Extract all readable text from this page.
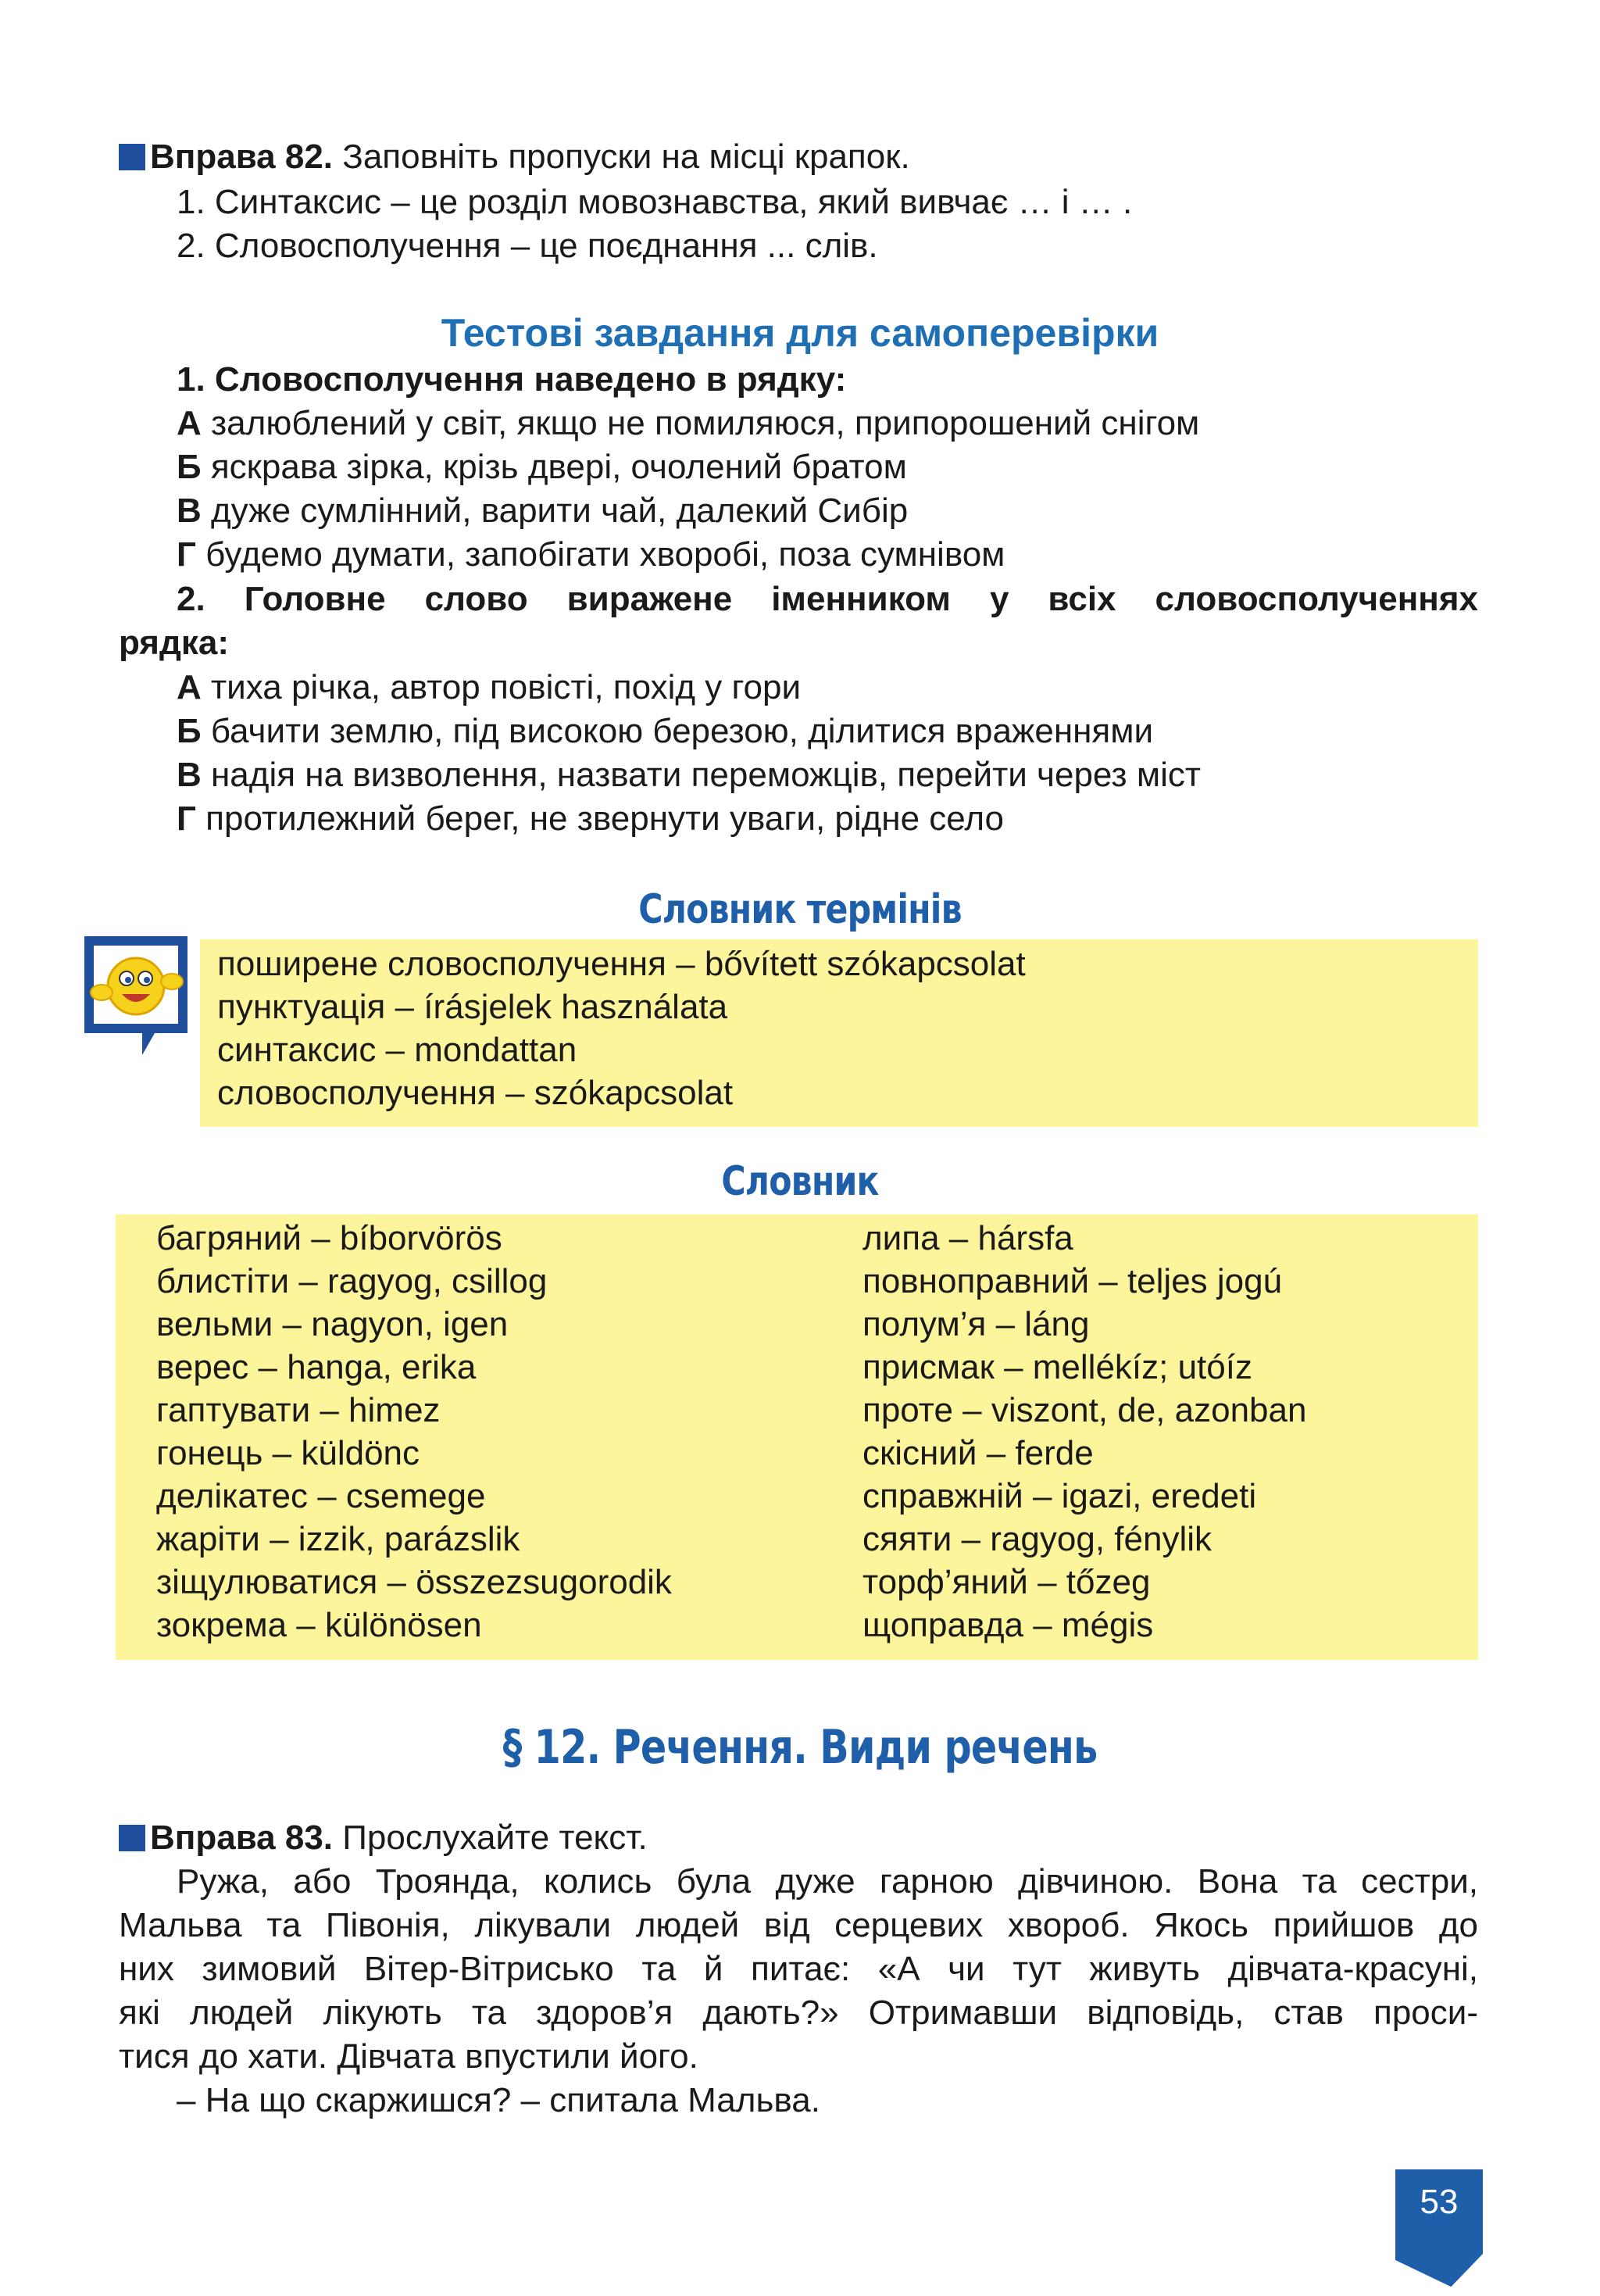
Вправа 82. Заповніть пропуски на місці крапок.
1. Синтаксис – це розділ мовознавства, який вивчає … і … .
2. Словосполучення – це поєднання ... слів.
Тестові завдання для самоперевірки
1. Словосполучення наведено в рядку:
А залюблений у світ, якщо не помиляюся, припорошений снігом
Б яскрава зірка, крізь двері, очолений братом
В дуже сумлінний, варити чай, далекий Сибір
Г будемо думати, запобігати хворобі, поза сумнівом
2. Головне слово виражене іменником у всіх словосполученнях
рядка:
А тиха річка, автор повісті, похід у гори
Б бачити землю, під високою березою, ділитися враженнями
В надія на визволення, назвати переможців, перейти через міст
Г протилежний берег, не звернути уваги, рідне село
Словник термінів
А	Я поширене словосполучення – bővített szókapcsolat
пунктуація – írásjelek használata
синтаксис – mondattan
словосполучення – szókapcsolat
Словник
багряний – bíborvörös
блистіти – ragyog, csillog
вельми – nagyon, igen
верес – hanga, erika
гаптувати – himez
гонець – küldönc
делікатес – csemege
жаріти – izzik, parázslik
зіщулюватися – összezsugorodik
зокрема – különösen
липа – hársfa
повноправний – teljes jogú
полум’я – láng
присмак – mellékíz; utóíz
проте – viszont, de, azonban
скісний – ferde
справжній – igazi, eredeti
сяяти – ragyog, fénylik
торф’яний – tőzeg
щоправда – mégis
§ 12. Речення. Види речень
Вправа 83. Прослухайте текст.
Ружа, або Троянда, колись була дуже гарною дівчиною. Вона та сестри,
Мальва та Півонія, лікували людей від серцевих хвороб. Якось прийшов до
них зимовий Вітер-Вітрисько та й питає: «А чи тут живуть дівчата-красуні,
які людей лікують та здоров’я дають?» Отримавши відповідь, став проси-
тися до хати. Дівчата впустили його.
– На що скаржишся? – спитала Мальва.
53
